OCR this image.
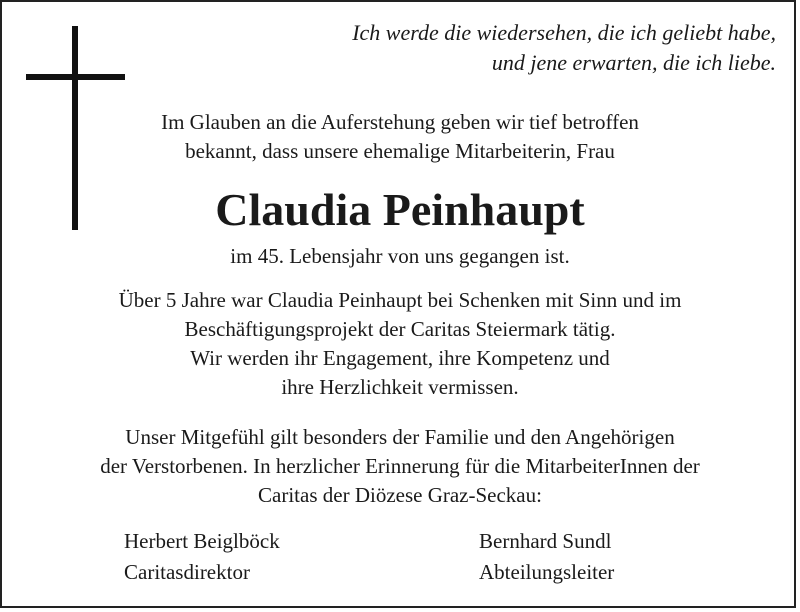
Ich werde die wiedersehen, die ich geliebt habe,
und jene erwarten, die ich liebe.
Im Glauben an die Auferstehung geben wir tief betroffen
bekannt, dass unsere ehemalige Mitarbeiterin, Frau
Claudia Peinhaupt
im 45. Lebensjahr von uns gegangen ist.
Über 5 Jahre war Claudia Peinhaupt bei Schenken mit Sinn und im
Beschäftigungsprojekt der Caritas Steiermark tätig.
Wir werden ihr Engagement, ihre Kompetenz und
ihre Herzlichkeit vermissen.
Unser Mitgefühl gilt besonders der Familie und den Angehörigen
der Verstorbenen. In herzlicher Erinnerung für die MitarbeiterInnen der
Caritas der Diözese Graz-Seckau:
Herbert Beiglböck
Caritasdirektor
Bernhard Sundl
Abteilungsleiter
